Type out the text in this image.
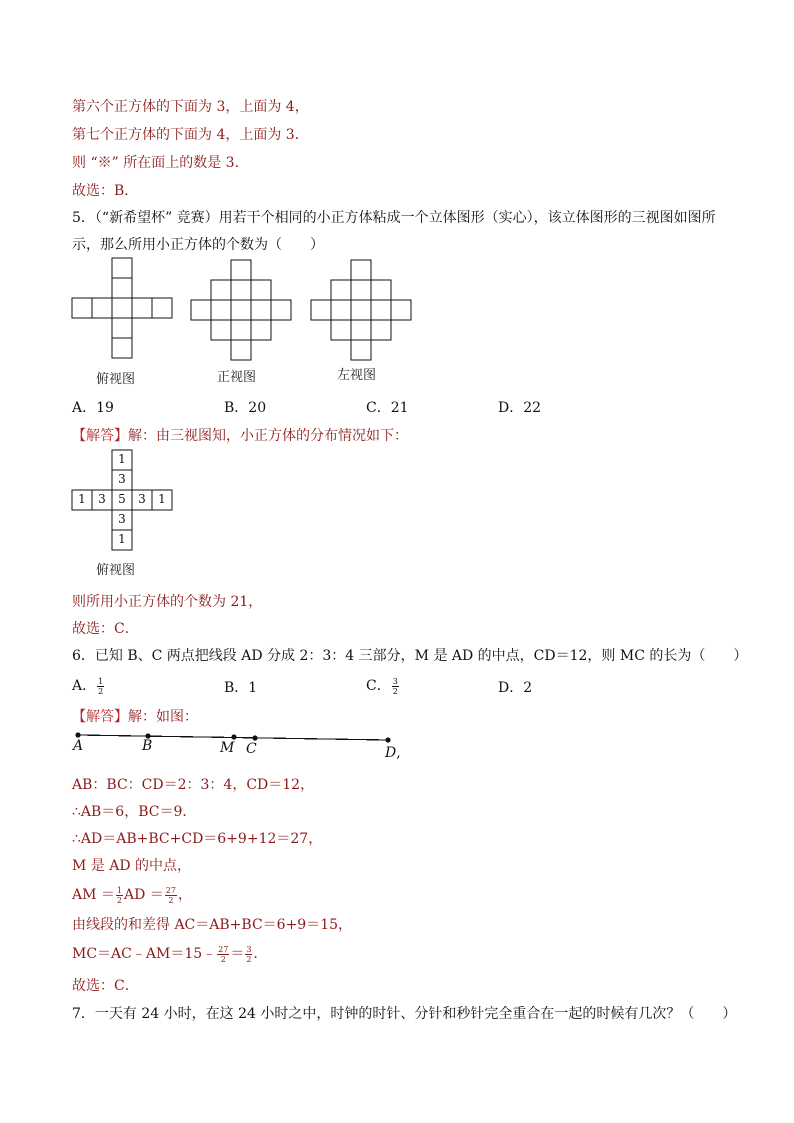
第六个正方体的下面为 3，上面为 4，
第七个正方体的下面为 4，上面为 3．
则 “※” 所在面上的数是 3．
故选：B．
5．（“新希望杯” 竞赛）用若干个相同的小正方体粘成一个立体图形（实心），该立体图形的三视图如图所
示，那么所用小正方体的个数为（　　）
俯视图	正视图	左视图
A．19	B．20	C．21	D．22
【解答】解：由三视图知，小正方体的分布情况如下：
1
3
1	3	5	3	1
3
1
俯视图
则所用小正方体的个数为 21，
故选：C．
6．已知 B、C 两点把线段 AD 分成 2：3：4 三部分，M 是 AD 的中点，CD＝12，则 MC 的长为（　　）
A． $\frac{1}{2}$	B．1	C． $\frac{3}{2}$	D．2
【解答】解：如图：
A	B	M C	D,
AB：BC：CD＝2：3：4，CD＝12，
∴AB＝6，BC＝9．
∴AD＝AB+BC+CD＝6+9+12＝27，
M 是 AD 的中点，
AM ＝ $\frac{1}{2}$ AD ＝ $\frac{27}{2}$ ，
由线段的和差得 AC＝AB+BC＝6+9＝15，
MC＝AC﹣AM＝15﹣ $\frac{27}{2} = \frac{3}{2}$ .
故选：C．
7．一天有 24 小时，在这 24 小时之中，时钟的时针、分针和秒针完全重合在一起的时候有几次？（　　）
